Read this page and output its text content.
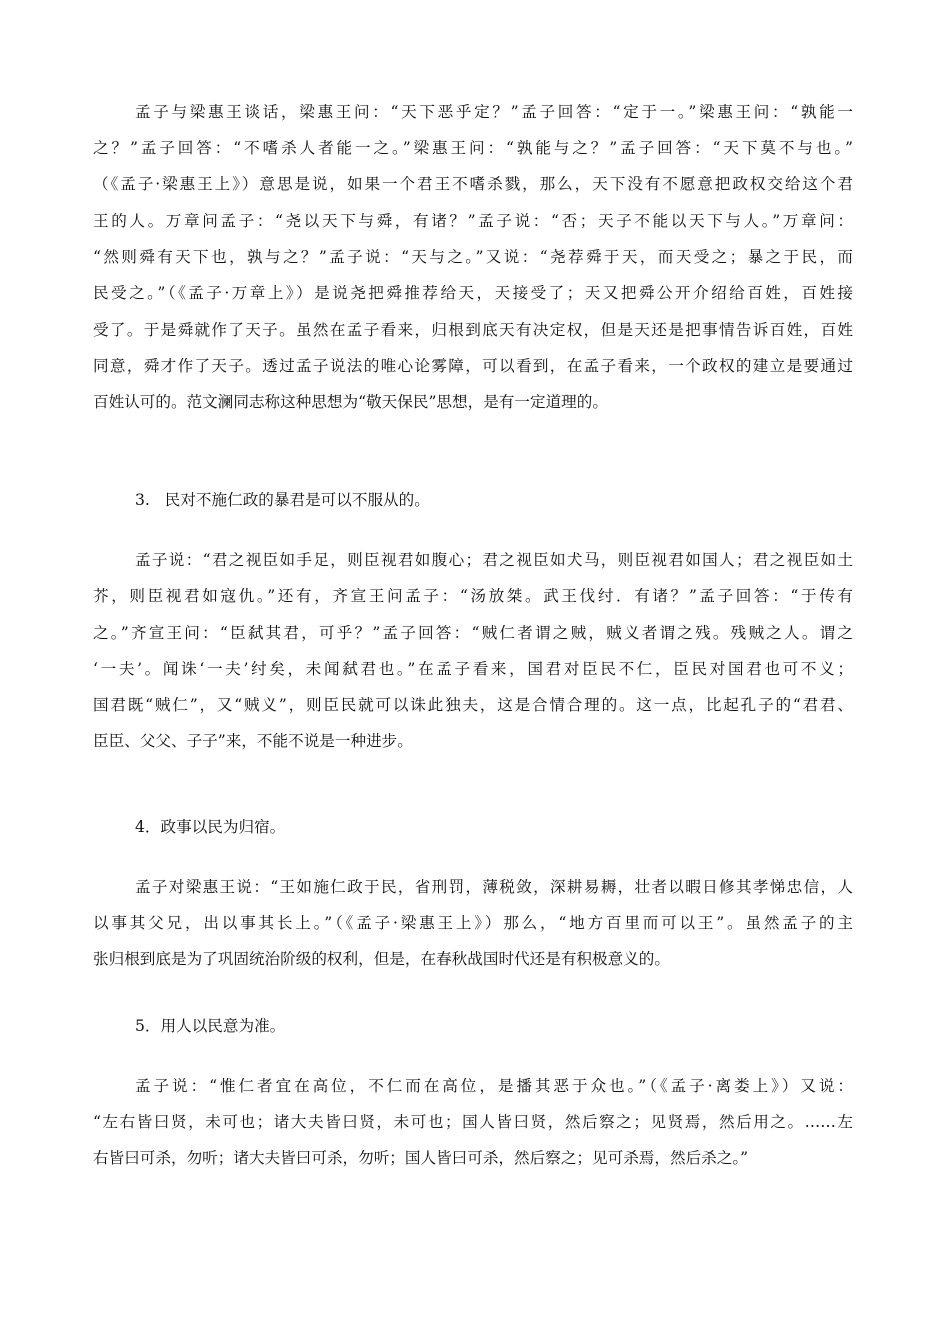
孟子与梁惠王谈话，梁惠王问：“天下恶乎定？”孟子回答：“定于一。”梁惠王问：“孰能一
之？”孟子回答：“不嗜杀人者能一之。”梁惠王问：“孰能与之？”孟子回答：“天下莫不与也。”
（《孟子·梁惠王上》）意思是说，如果一个君王不嗜杀戮，那么，天下没有不愿意把政权交给这个君
王的人。万章问孟子：“尧以天下与舜，有诸？”孟子说：“否；天子不能以天下与人。”万章问：
“然则舜有天下也，孰与之？”孟子说：“天与之。”又说：“尧荐舜于天，而天受之；暴之于民，而
民受之。”（《孟子·万章上》）是说尧把舜推荐给天，天接受了；天又把舜公开介绍给百姓，百姓接
受了。于是舜就作了天子。虽然在孟子看来，归根到底天有决定权，但是天还是把事情告诉百姓，百姓
同意，舜才作了天子。透过孟子说法的唯心论雾障，可以看到，在孟子看来，一个政权的建立是要通过
百姓认可的。范文澜同志称这种思想为“敬天保民”思想，是有一定道理的。
3.   民对不施仁政的暴君是可以不服从的。
孟子说：“君之视臣如手足，则臣视君如腹心；君之视臣如犬马，则臣视君如国人；君之视臣如土
芥，则臣视君如寇仇。”还有，齐宣王问孟子：“汤放桀。武王伐纣．有诸？”孟子回答：“于传有
之。”齐宣王问：“臣弑其君，可乎？”孟子回答：“贼仁者谓之贼，贼义者谓之残。残贼之人。谓之
‘一夫’。闻诛‘一夫’纣矣，未闻弑君也。”在孟子看来，国君对臣民不仁，臣民对国君也可不义；
国君既“贼仁”，又“贼义”，则臣民就可以诛此独夫，这是合情合理的。这一点，比起孔子的“君君、
臣臣、父父、子子”来，不能不说是一种进步。
4．政事以民为归宿。
孟子对梁惠王说：“王如施仁政于民，省刑罚，薄税敛，深耕易耨，壮者以暇日修其孝悌忠信，人
以事其父兄，出以事其长上。”（《孟子·梁惠王上》）那么，“地方百里而可以王”。虽然孟子的主
张归根到底是为了巩固统治阶级的权利，但是，在春秋战国时代还是有积极意义的。
5．用人以民意为准。
孟子说：“惟仁者宜在高位，不仁而在高位，是播其恶于众也。”（《孟子·离娄上》）又说：
“左右皆曰贤，未可也；诸大夫皆曰贤，未可也；国人皆曰贤，然后察之；见贤焉，然后用之。……左
右皆曰可杀，勿听；诸大夫皆曰可杀，勿听；国人皆曰可杀，然后察之；见可杀焉，然后杀之。”
